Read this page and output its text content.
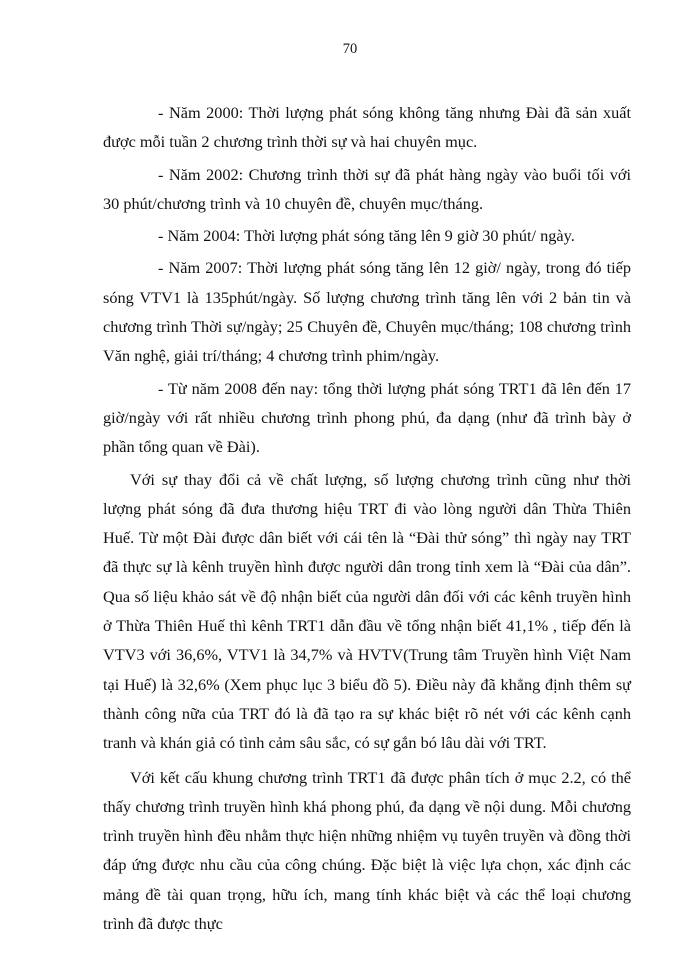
70

- Năm 2000: Thời lượng phát sóng không tăng nhưng Đài đã sản xuất được mỗi tuần 2 chương trình thời sự và hai chuyên mục.

- Năm 2002: Chương trình thời sự đã phát hàng ngày vào buổi tối với 30 phút/chương trình và 10 chuyên đề, chuyên mục/tháng.

- Năm 2004: Thời lượng phát sóng tăng lên 9 giờ 30 phút/ ngày.

- Năm 2007: Thời lượng phát sóng tăng lên 12 giờ/ ngày, trong đó tiếp sóng VTV1 là 135phút/ngày. Số lượng chương trình tăng lên với 2 bản tin và chương trình Thời sự/ngày; 25 Chuyên đề, Chuyên mục/tháng; 108 chương trình Văn nghệ, giải trí/tháng; 4 chương trình phim/ngày.

- Từ năm 2008 đến nay: tổng thời lượng phát sóng TRT1 đã lên đến 17 giờ/ngày với rất nhiều chương trình phong phú, đa dạng (như đã trình bày ở phần tổng quan về Đài).

Với sự thay đổi cả về chất lượng, số lượng chương trình cũng như thời lượng phát sóng đã đưa thương hiệu TRT đi vào lòng người dân Thừa Thiên Huế. Từ một Đài được dân biết với cái tên là “Đài thử sóng” thì ngày nay TRT đã thực sự là kênh truyền hình được người dân trong tỉnh xem là “Đài của dân”. Qua số liệu khảo sát về độ nhận biết của người dân đối với các kênh truyền hình ở Thừa Thiên Huế thì kênh TRT1 dẫn đầu về tổng nhận biết 41,1% , tiếp đến là VTV3 với 36,6%, VTV1 là 34,7% và HVTV(Trung tâm Truyền hình Việt Nam tại Huế) là 32,6% (Xem phục lục 3 biểu đồ 5). Điều này đã khẳng định thêm sự thành công nữa của TRT đó là đã tạo ra sự khác biệt rõ nét với các kênh cạnh tranh và khán giả có tình cảm sâu sắc, có sự gắn bó lâu dài với TRT.

Với kết cấu khung chương trình TRT1 đã được phân tích ở mục 2.2, có thể thấy chương trình truyền hình khá phong phú, đa dạng về nội dung. Mỗi chương trình truyền hình đều nhằm thực hiện những nhiệm vụ tuyên truyền và đồng thời đáp ứng được nhu cầu của công chúng. Đặc biệt là việc lựa chọn, xác định các mảng đề tài quan trọng, hữu ích, mang tính khác biệt và các thể loại chương trình đã được thực
